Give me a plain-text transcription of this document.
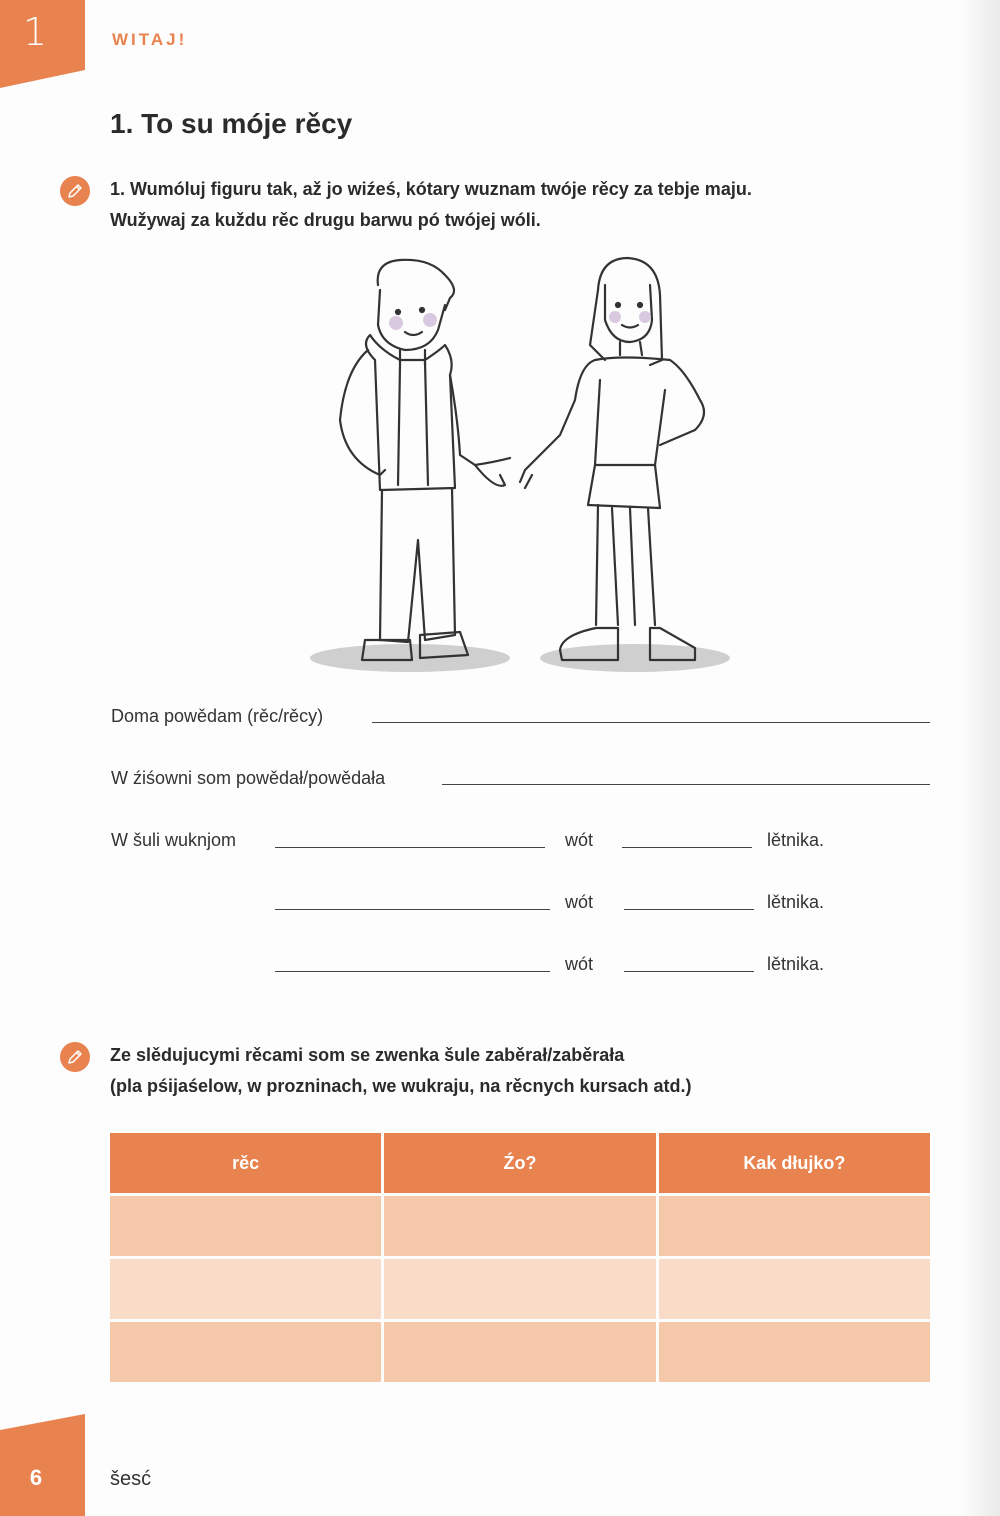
1	WITAJ!
1. To su móje rěcy
1. Wumóluj figuru tak, až jo wiźeś, kótary wuznam twóje rěcy za tebje maju.
Wužywaj za kuždu rěc drugu barwu pó twójej wóli.
Doma powědam (rěc/rěcy)
W źiśowni som powědał/powědała
W šuli wuknjom	wót	lětnika.
wót	lětnika.
wót	lětnika.
Ze slědujucymi rěcami som se zwenka šule zaběrał/zaběrała
(pla pśijaśelow, w prozninach, we wukraju, na rěcnych kursach atd.)
rěc	Źo?	Kak dłujko?
6	šesć
